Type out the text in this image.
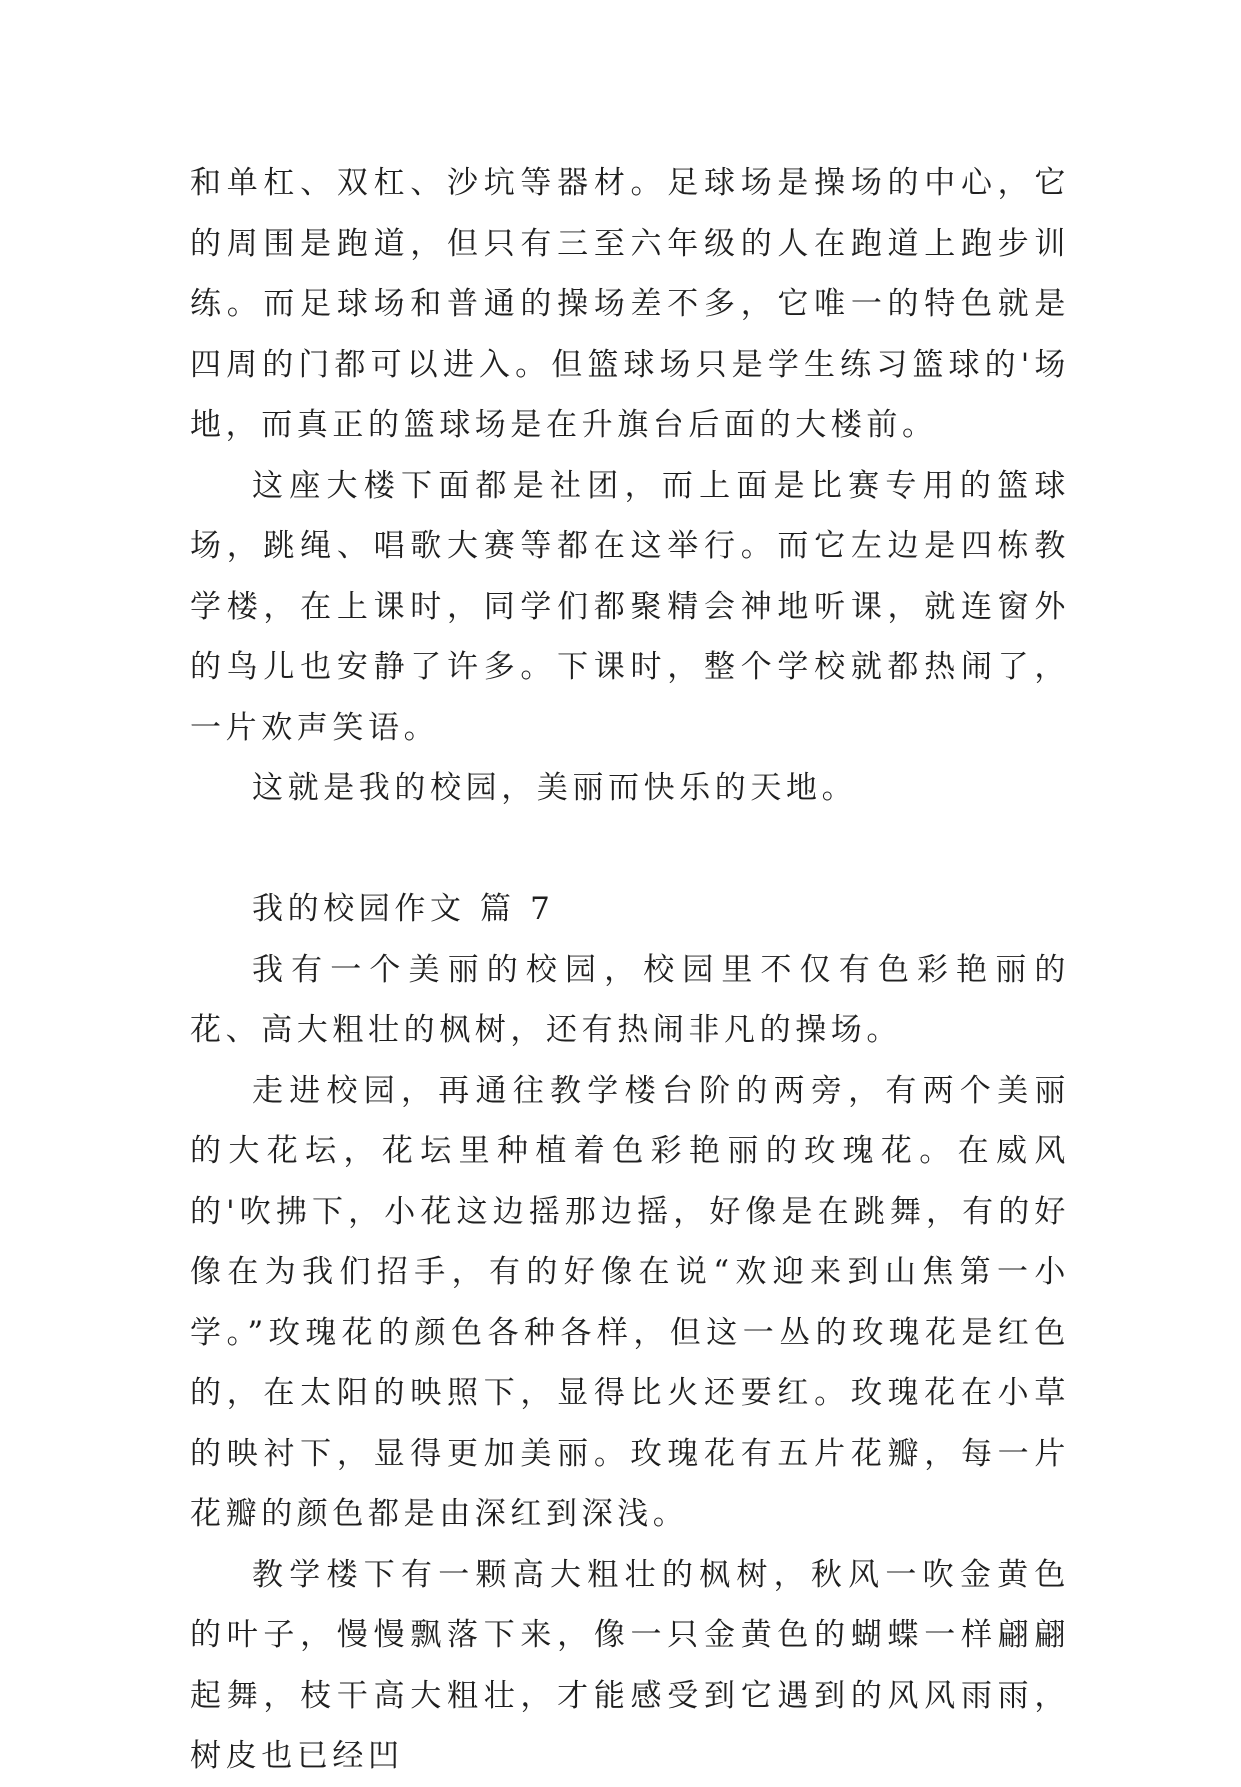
和单杠、双杠、沙坑等器材。足球场是操场的中心，它的周围是跑道，但只有三至六年级的人在跑道上跑步训练。而足球场和普通的操场差不多，它唯一的特色就是四周的门都可以进入。但篮球场只是学生练习篮球的'场地，而真正的篮球场是在升旗台后面的大楼前。

这座大楼下面都是社团，而上面是比赛专用的篮球场，跳绳、唱歌大赛等都在这举行。而它左边是四栋教学楼，在上课时，同学们都聚精会神地听课，就连窗外的鸟儿也安静了许多。下课时，整个学校就都热闹了，一片欢声笑语。

这就是我的校园，美丽而快乐的天地。

我的校园作文 篇 7

我有一个美丽的校园，校园里不仅有色彩艳丽的花、高大粗壮的枫树，还有热闹非凡的操场。

走进校园，再通往教学楼台阶的两旁，有两个美丽的大花坛，花坛里种植着色彩艳丽的玫瑰花。在威风的'吹拂下，小花这边摇那边摇，好像是在跳舞，有的好像在为我们招手，有的好像在说“欢迎来到山焦第一小学。”玫瑰花的颜色各种各样，但这一丛的玫瑰花是红色的，在太阳的映照下，显得比火还要红。玫瑰花在小草的映衬下，显得更加美丽。玫瑰花有五片花瓣，每一片花瓣的颜色都是由深红到深浅。

教学楼下有一颗高大粗壮的枫树，秋风一吹金黄色的叶子，慢慢飘落下来，像一只金黄色的蝴蝶一样翩翩起舞，枝干高大粗壮，才能感受到它遇到的风风雨雨，树皮也已经凹
